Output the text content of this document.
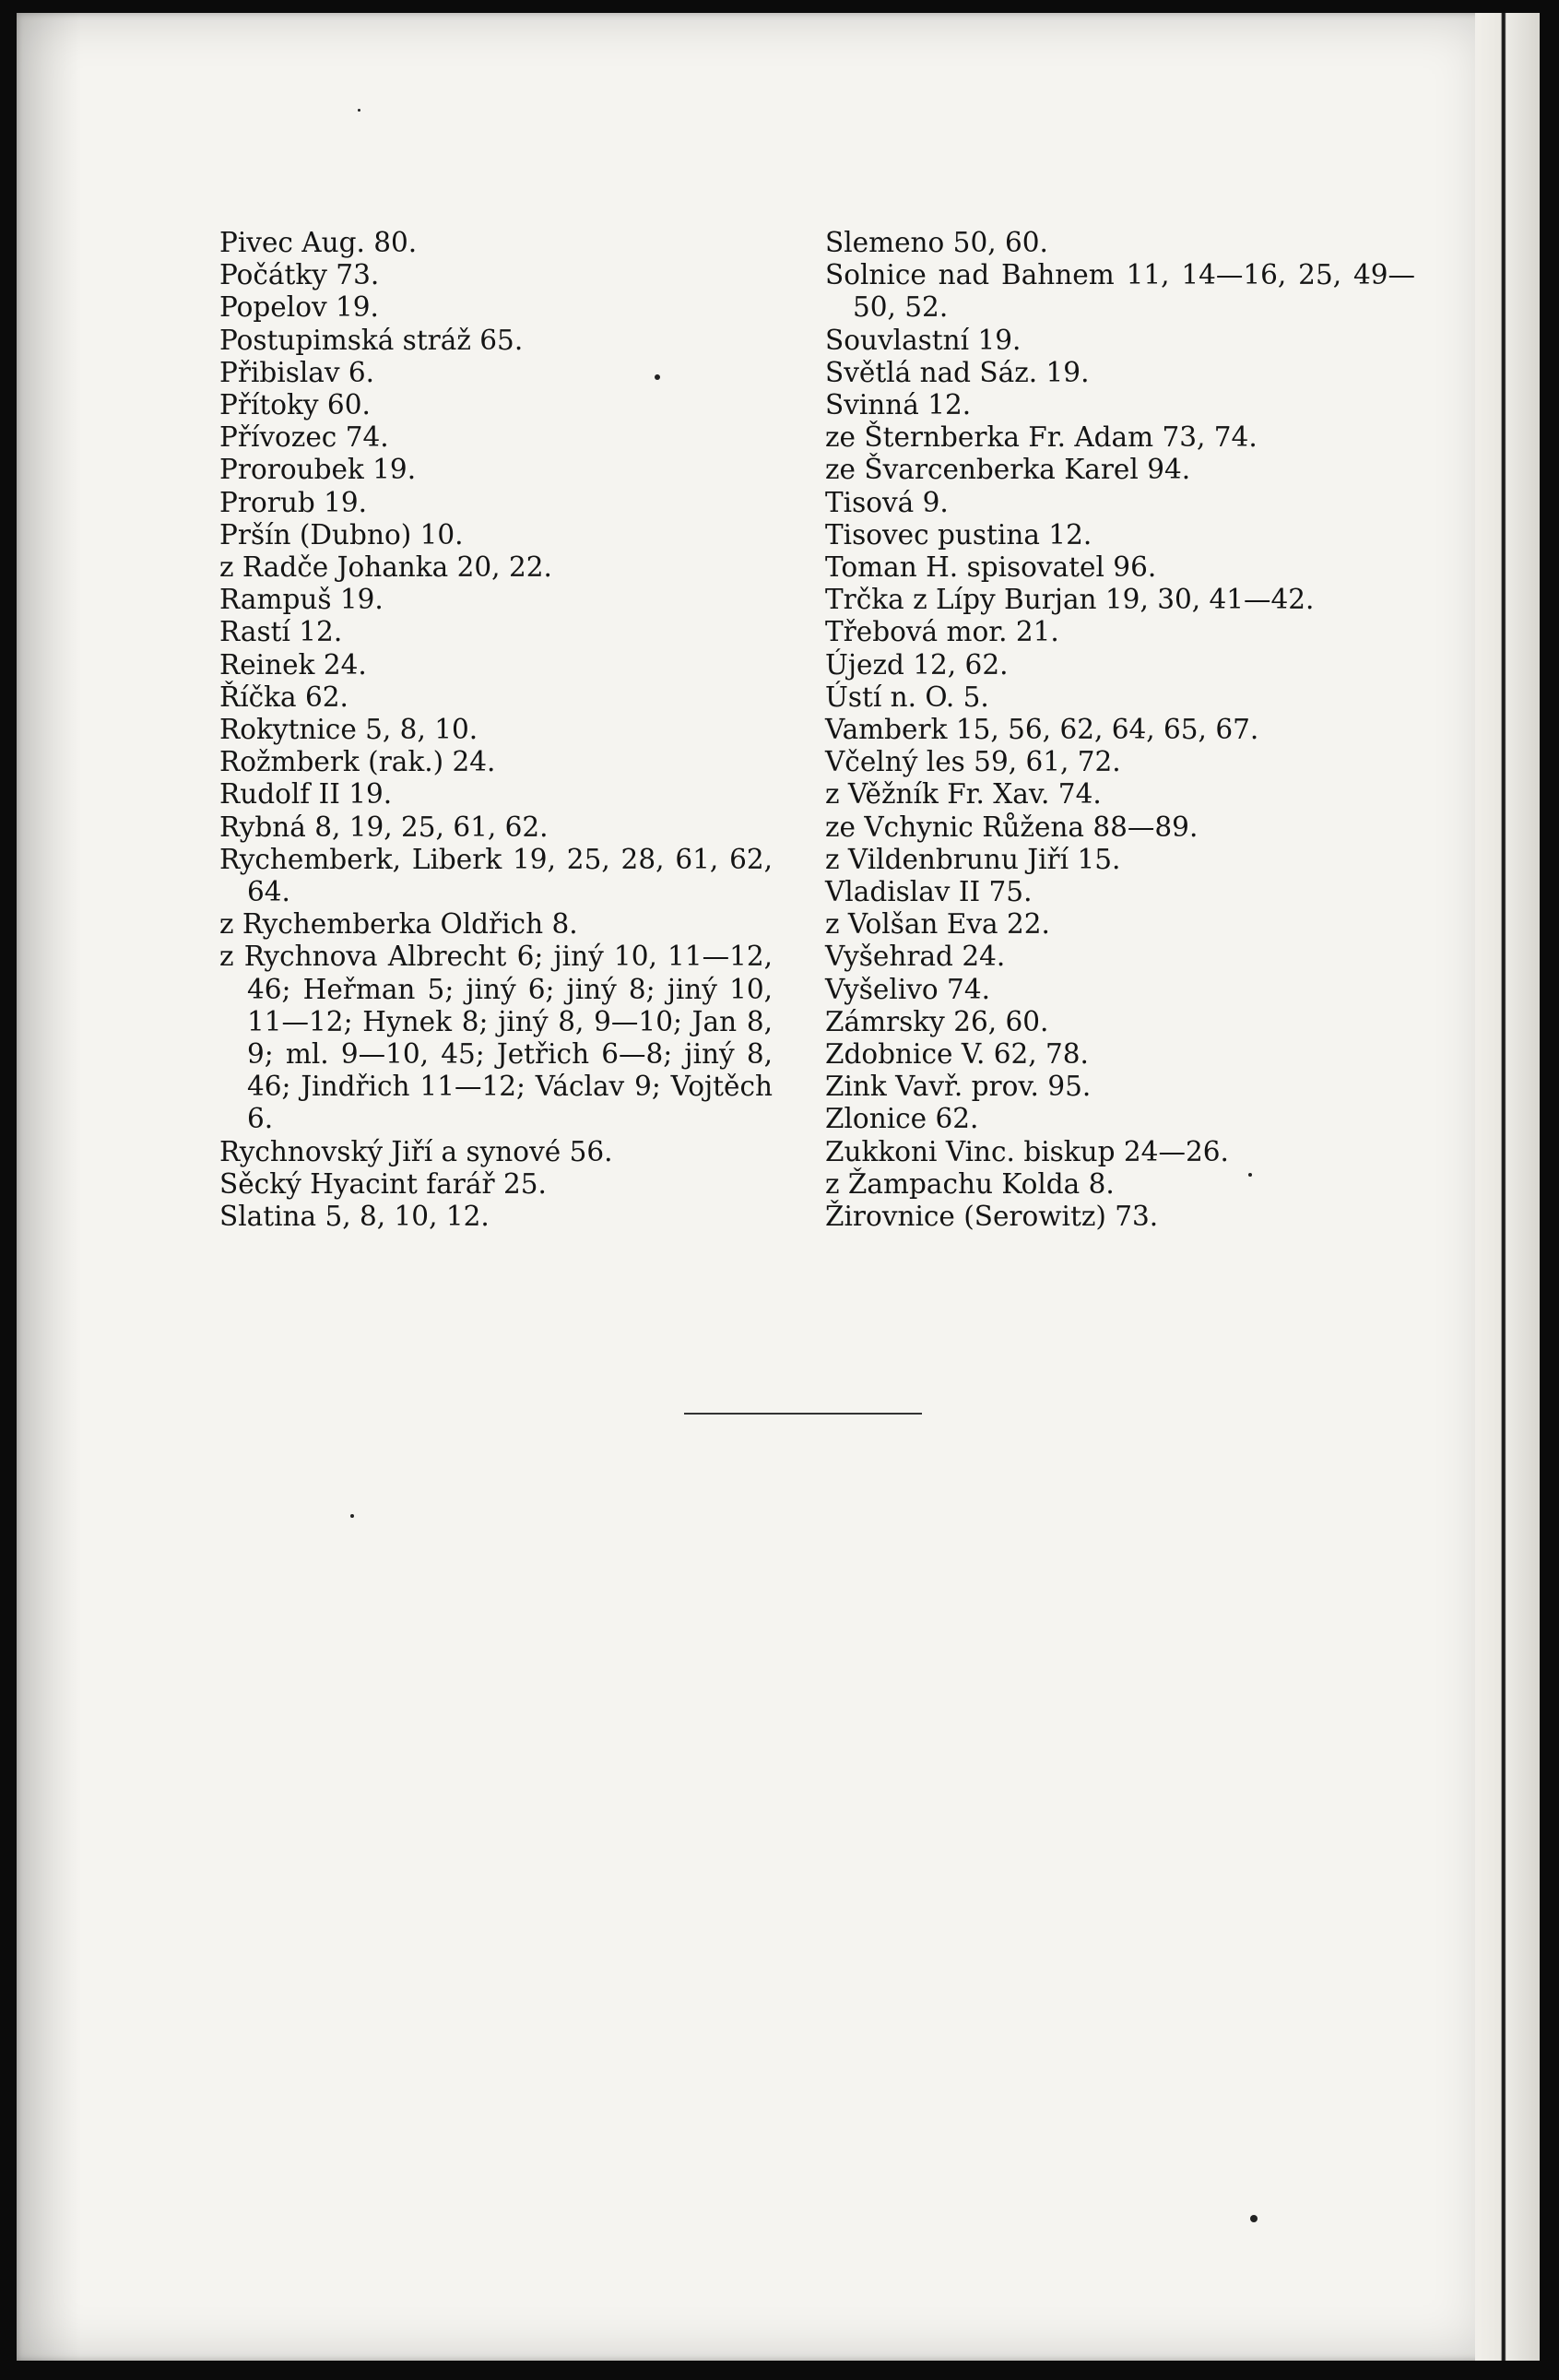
Pivec Aug. 80.
Počátky 73.
Popelov 19.
Postupimská stráž 65.
Přibislav 6.
Přítoky 60.
Přívozec 74.
Proroubek 19.
Prorub 19.
Pršín (Dubno) 10.
z Radče Johanka 20, 22.
Rampuš 19.
Rastí 12.
Reinek 24.
Říčka 62.
Rokytnice 5, 8, 10.
Rožmberk (rak.) 24.
Rudolf II 19.
Rybná 8, 19, 25, 61, 62.
Rychemberk, Liberk 19, 25, 28, 61, 62, 64.
z Rychemberka Oldřich 8.
z Rychnova Albrecht 6; jiný 10, 11—12, 46; Heřman 5; jiný 6; jiný 8; jiný 10, 11—12; Hynek 8; jiný 8, 9—10; Jan 8, 9; ml. 9—10, 45; Jetřich 6—8; jiný 8, 46; Jindřich 11—12; Václav 9; Vojtěch 6.
Rychnovský Jiří a synové 56.
Sěcký Hyacint farář 25.
Slatina 5, 8, 10, 12.
Slemeno 50, 60.
Solnice nad Bahnem 11, 14—16, 25, 49—50, 52.
Souvlastní 19.
Světlá nad Sáz. 19.
Svinná 12.
ze Šternberka Fr. Adam 73, 74.
ze Švarcenberka Karel 94.
Tisová 9.
Tisovec pustina 12.
Toman H. spisovatel 96.
Trčka z Lípy Burjan 19, 30, 41—42.
Třebová mor. 21.
Újezd 12, 62.
Ústí n. O. 5.
Vamberk 15, 56, 62, 64, 65, 67.
Včelný les 59, 61, 72.
z Věžník Fr. Xav. 74.
ze Vchynic Růžena 88—89.
z Vildenbrunu Jiří 15.
Vladislav II 75.
z Volšan Eva 22.
Vyšehrad 24.
Vyšelivo 74.
Zámrsky 26, 60.
Zdobnice V. 62, 78.
Zink Vavř. prov. 95.
Zlonice 62.
Zukkoni Vinc. biskup 24—26.
z Žampachu Kolda 8.
Žirovnice (Serowitz) 73.
